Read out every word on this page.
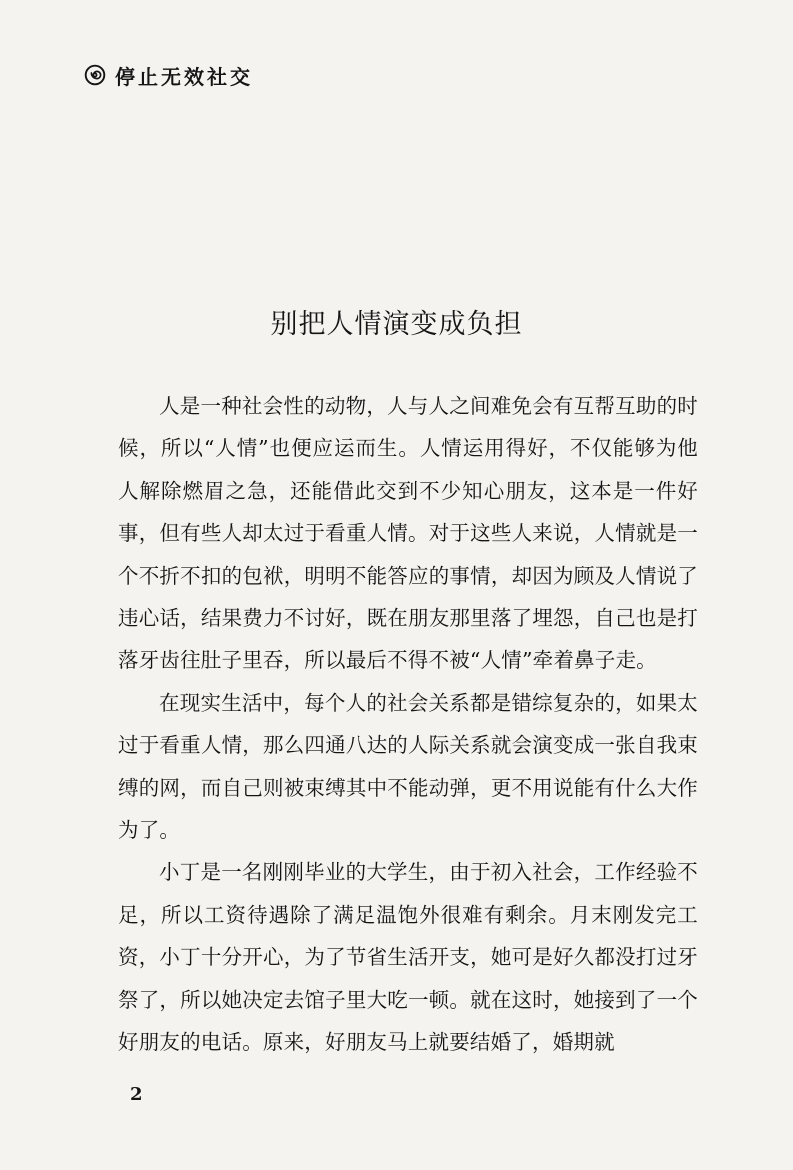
停止无效社交
别把人情演变成负担

人是一种社会性的动物，人与人之间难免会有互帮互助的时候，所以“人情”也便应运而生。人情运用得好，不仅能够为他人解除燃眉之急，还能借此交到不少知心朋友，这本是一件好事，但有些人却太过于看重人情。对于这些人来说，人情就是一个不折不扣的包袱，明明不能答应的事情，却因为顾及人情说了违心话，结果费力不讨好，既在朋友那里落了埋怨，自己也是打落牙齿往肚子里吞，所以最后不得不被“人情”牵着鼻子走。

在现实生活中，每个人的社会关系都是错综复杂的，如果太过于看重人情，那么四通八达的人际关系就会演变成一张自我束缚的网，而自己则被束缚其中不能动弹，更不用说能有什么大作为了。

小丁是一名刚刚毕业的大学生，由于初入社会，工作经验不足，所以工资待遇除了满足温饱外很难有剩余。月末刚发完工资，小丁十分开心，为了节省生活开支，她可是好久都没打过牙祭了，所以她决定去馆子里大吃一顿。就在这时，她接到了一个好朋友的电话。原来，好朋友马上就要结婚了，婚期就

2
